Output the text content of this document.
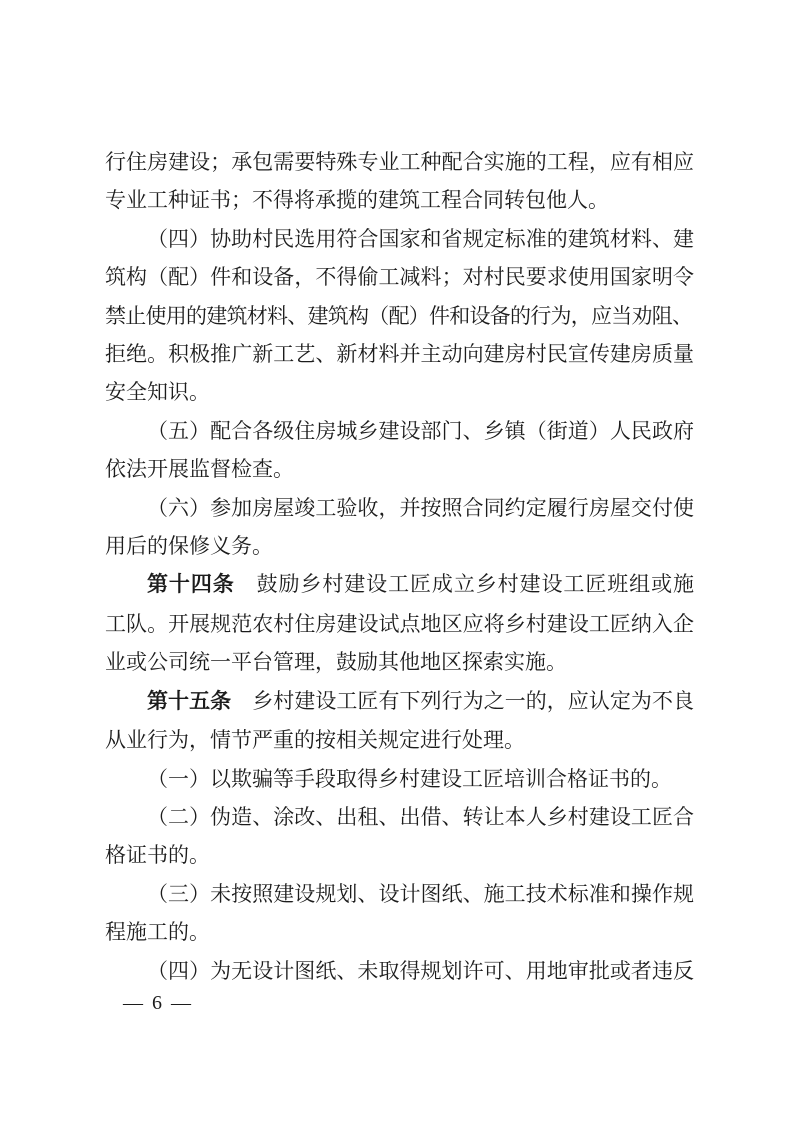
行住房建设；承包需要特殊专业工种配合实施的工程，应有相应
专业工种证书；不得将承揽的建筑工程合同转包他人。
（四）协助村民选用符合国家和省规定标准的建筑材料、建
筑构（配）件和设备，不得偷工减料；对村民要求使用国家明令
禁止使用的建筑材料、建筑构（配）件和设备的行为，应当劝阻、
拒绝。积极推广新工艺、新材料并主动向建房村民宣传建房质量
安全知识。
（五）配合各级住房城乡建设部门、乡镇（街道）人民政府
依法开展监督检查。
（六）参加房屋竣工验收，并按照合同约定履行房屋交付使
用后的保修义务。
第十四条　鼓励乡村建设工匠成立乡村建设工匠班组或施
工队。开展规范农村住房建设试点地区应将乡村建设工匠纳入企
业或公司统一平台管理，鼓励其他地区探索实施。
第十五条　乡村建设工匠有下列行为之一的，应认定为不良
从业行为，情节严重的按相关规定进行处理。
（一）以欺骗等手段取得乡村建设工匠培训合格证书的。
（二）伪造、涂改、出租、出借、转让本人乡村建设工匠合
格证书的。
（三）未按照建设规划、设计图纸、施工技术标准和操作规
程施工的。
（四）为无设计图纸、未取得规划许可、用地审批或者违反
— 6 —
